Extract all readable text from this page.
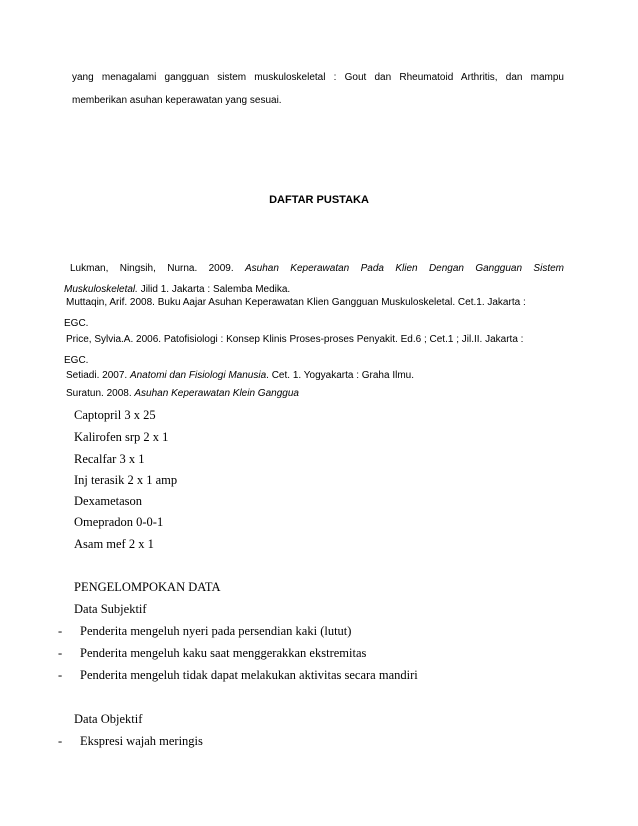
yang menagalami gangguan sistem muskuloskeletal : Gout dan Rheumatoid Arthritis, dan mampu
memberikan asuhan keperawatan yang sesuai.
DAFTAR PUSTAKA
Lukman, Ningsih, Nurna. 2009. Asuhan Keperawatan Pada Klien Dengan Gangguan Sistem
Muskuloskeletal. Jilid 1. Jakarta : Salemba Medika.
Muttaqin, Arif. 2008. Buku Aajar Asuhan Keperawatan Klien Gangguan Muskuloskeletal. Cet.1. Jakarta :
EGC.
Price, Sylvia.A. 2006. Patofisiologi : Konsep Klinis Proses-proses Penyakit. Ed.6 ; Cet.1 ; Jil.II. Jakarta :
EGC.
Setiadi. 2007. Anatomi dan Fisiologi Manusia. Cet. 1. Yogyakarta : Graha Ilmu.
Suratun. 2008. Asuhan Keperawatan Klein Ganggua
Captopril 3 x 25
Kalirofen srp 2 x 1
Recalfar 3 x 1
Inj terasik 2 x 1 amp
Dexametason
Omepradon 0-0-1
Asam mef 2 x 1
PENGELOMPOKAN DATA
Data Subjektif
- Penderita mengeluh nyeri pada persendian kaki (lutut)
- Penderita mengeluh kaku saat menggerakkan ekstremitas
- Penderita mengeluh tidak dapat melakukan aktivitas secara mandiri
Data Objektif
- Ekspresi wajah meringis
